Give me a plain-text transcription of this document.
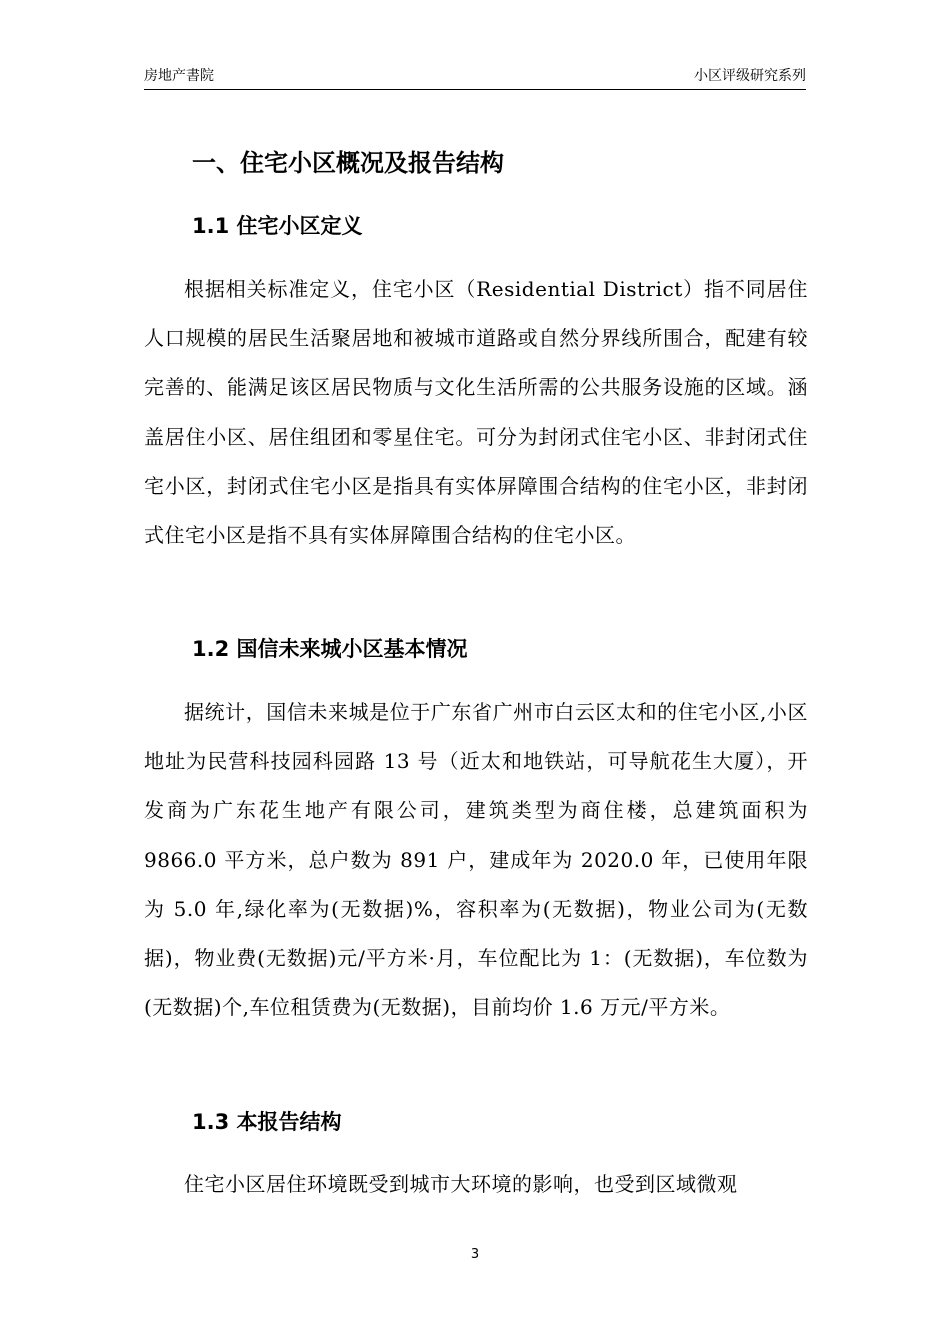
房地产書院	小区评级研究系列
一、住宅小区概况及报告结构
1.1 住宅小区定义

根据相关标准定义，住宅小区（Residential District）指不同居住人口规模的居民生活聚居地和被城市道路或自然分界线所围合，配建有较完善的、能满足该区居民物质与文化生活所需的公共服务设施的区域。涵盖居住小区、居住组团和零星住宅。可分为封闭式住宅小区、非封闭式住宅小区，封闭式住宅小区是指具有实体屏障围合结构的住宅小区，非封闭式住宅小区是指不具有实体屏障围合结构的住宅小区。

1.2 国信未来城小区基本情况

据统计，国信未来城是位于广东省广州市白云区太和的住宅小区,小区地址为民营科技园科园路 13 号（近太和地铁站，可导航花生大厦），开发商为广东花生地产有限公司，建筑类型为商住楼，总建筑面积为 9866.0 平方米，总户数为 891 户，建成年为 2020.0 年，已使用年限为 5.0 年,绿化率为(无数据)%，容积率为(无数据)，物业公司为(无数据)，物业费(无数据)元/平方米·月，车位配比为 1：(无数据)，车位数为(无数据)个,车位租赁费为(无数据)，目前均价 1.6 万元/平方米。

1.3 本报告结构

住宅小区居住环境既受到城市大环境的影响，也受到区域微观

3
